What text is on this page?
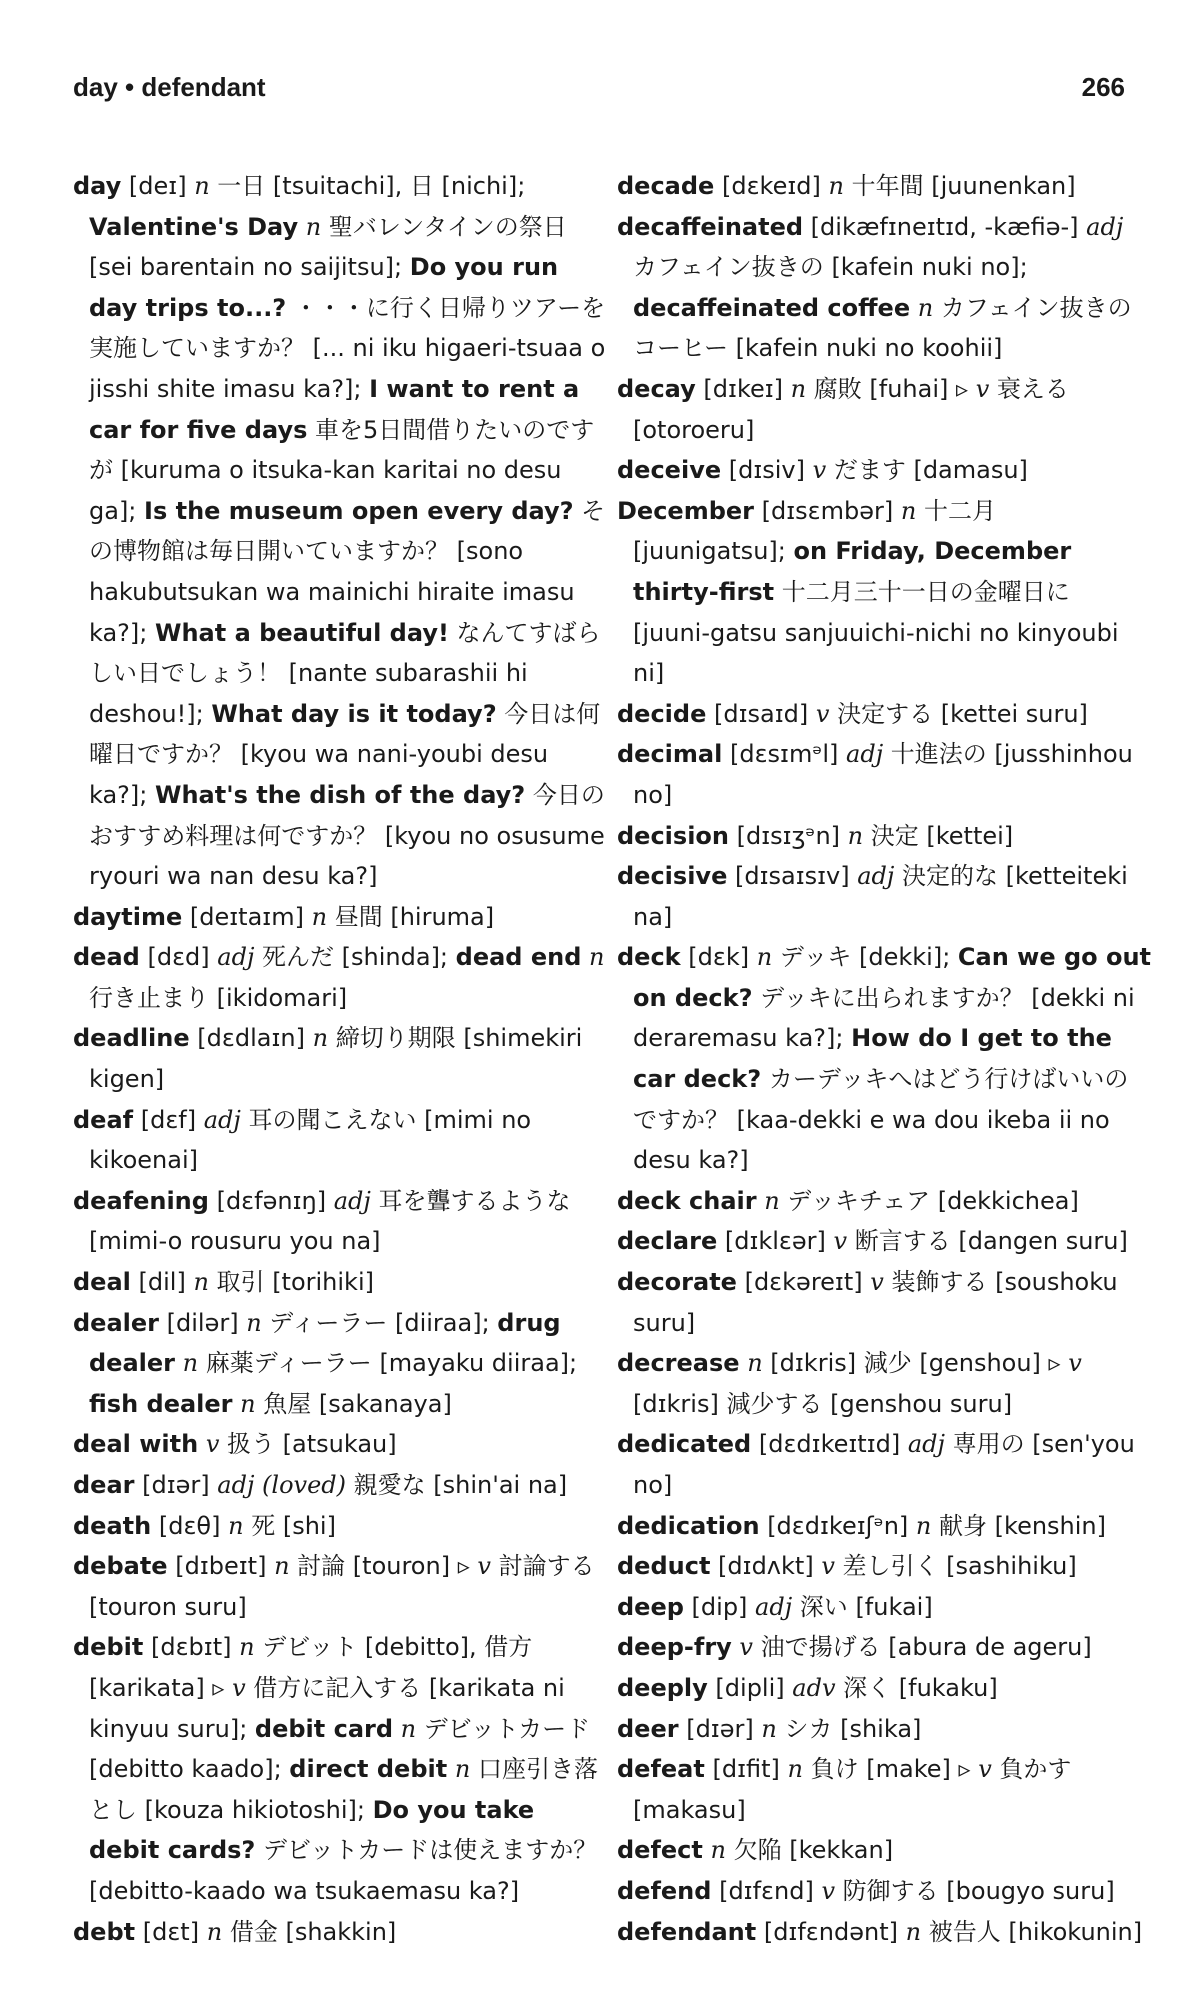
day • defendant	266

day [deɪ] n 一日 [tsuitachi], 日 [nichi]; Valentine's Day n 聖バレンタインの祭日 [sei barentain no saijitsu]; Do you run day trips to...? ・・・に行く日帰りツアーを実施していますか？ [... ni iku higaeri-tsuaa o jisshi shite imasu ka?]; I want to rent a car for five days 車を5日間借りたいのですが [kuruma o itsuka-kan karitai no desu ga]; Is the museum open every day? その博物館は毎日開いていますか？ [sono hakubutsukan wa mainichi hiraite imasu ka?]; What a beautiful day! なんてすばらしい日でしょう！ [nante subarashii hi deshou!]; What day is it today? 今日は何曜日ですか？ [kyou wa nani-youbi desu ka?]; What's the dish of the day? 今日のおすすめ料理は何ですか？ [kyou no osusume ryouri wa nan desu ka?]

daytime [deɪtaɪm] n 昼間 [hiruma]

dead [dɛd] adj 死んだ [shinda]; dead end n 行き止まり [ikidomari]

deadline [dɛdlaɪn] n 締切り期限 [shimekiri kigen]

deaf [dɛf] adj 耳の聞こえない [mimi no kikoenai]

deafening [dɛfənɪŋ] adj 耳を聾するような [mimi-o rousuru you na]

deal [dil] n 取引 [torihiki]

dealer [dilər] n ディーラー [diiraa]; drug dealer n 麻薬ディーラー [mayaku diiraa]; fish dealer n 魚屋 [sakanaya]

deal with v 扱う [atsukau]

dear [dɪər] adj (loved) 親愛な [shin'ai na]

death [dɛθ] n 死 [shi]

debate [dɪbeɪt] n 討論 [touron] ▹ v 討論する [touron suru]

debit [dɛbɪt] n デビット [debitto], 借方 [karikata] ▹ v 借方に記入する [karikata ni kinyuu suru]; debit card n デビットカード [debitto kaado]; direct debit n 口座引き落とし [kouza hikiotoshi]; Do you take debit cards? デビットカードは使えますか？ [debitto-kaado wa tsukaemasu ka?]

debt [dɛt] n 借金 [shakkin]

decade [dɛkeɪd] n 十年間 [juunenkan]

decaffeinated [dikæfɪneɪtɪd, -kæfiə-] adj カフェイン抜きの [kafein nuki no]; decaffeinated coffee n カフェイン抜きのコーヒー [kafein nuki no koohii]

decay [dɪkeɪ] n 腐敗 [fuhai] ▹ v 衰える [otoroeru]

deceive [dɪsiv] v だます [damasu]

December [dɪsɛmbər] n 十二月 [juunigatsu]; on Friday, December thirty-first 十二月三十一日の金曜日に [juuni-gatsu sanjuuichi-nichi no kinyoubi ni]

decide [dɪsaɪd] v 決定する [kettei suru]

decimal [dɛsɪmᵊl] adj 十進法の [jusshinhou no]

decision [dɪsɪʒᵊn] n 決定 [kettei]

decisive [dɪsaɪsɪv] adj 決定的な [ketteiteki na]

deck [dɛk] n デッキ [dekki]; Can we go out on deck? デッキに出られますか？ [dekki ni deraremasu ka?]; How do I get to the car deck? カーデッキへはどう行けばいいのですか？ [kaa-dekki e wa dou ikeba ii no desu ka?]

deck chair n デッキチェア [dekkichea]

declare [dɪklɛər] v 断言する [dangen suru]

decorate [dɛkəreɪt] v 装飾する [soushoku suru]

decrease n [dɪkris] 減少 [genshou] ▹ v [dɪkris] 減少する [genshou suru]

dedicated [dɛdɪkeɪtɪd] adj 専用の [sen'you no]

dedication [dɛdɪkeɪʃᵊn] n 献身 [kenshin]

deduct [dɪdʌkt] v 差し引く [sashihiku]

deep [dip] adj 深い [fukai]

deep-fry v 油で揚げる [abura de ageru]

deeply [dipli] adv 深く [fukaku]

deer [dɪər] n シカ [shika]

defeat [dɪfit] n 負け [make] ▹ v 負かす [makasu]

defect n 欠陥 [kekkan]

defend [dɪfɛnd] v 防御する [bougyo suru]

defendant [dɪfɛndənt] n 被告人 [hikokunin]
